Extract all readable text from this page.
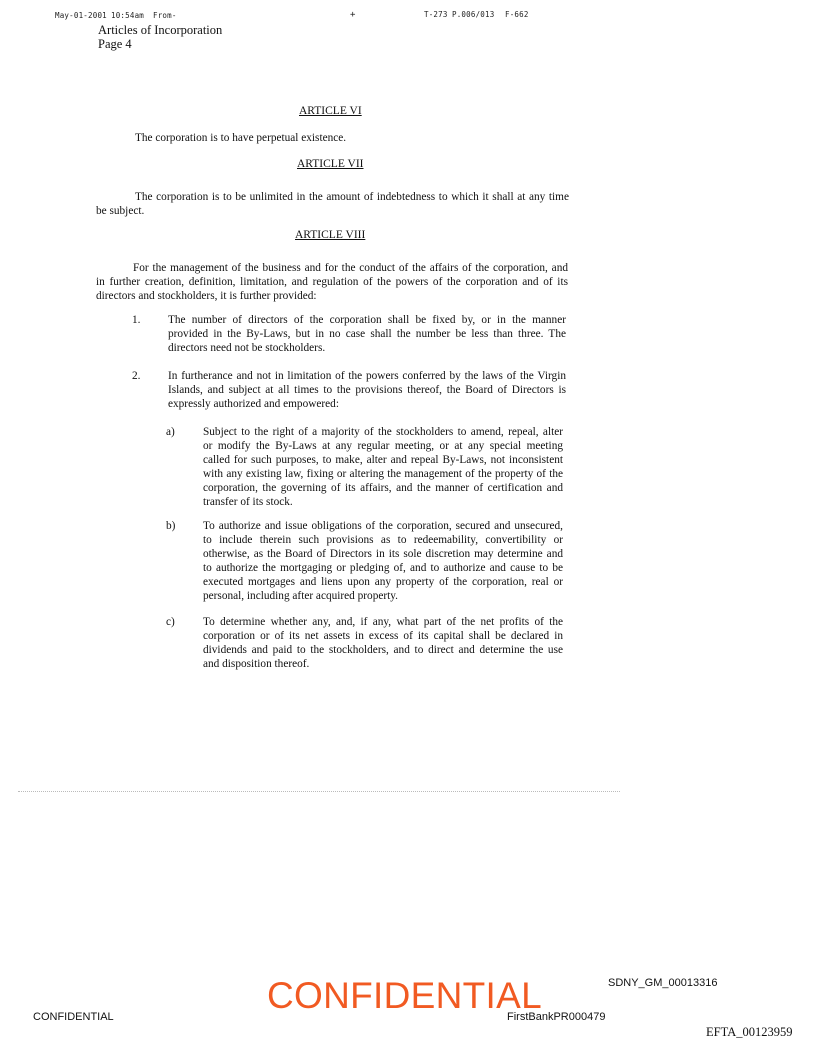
May-01-2001 10:54am From-	+	T-273 P.006/013 F-662
Articles of Incorporation
Page 4
ARTICLE VI
The corporation is to have perpetual existence.
ARTICLE VII
ARTICLE VIII
SDNY_GM_00013316
CONFIDENTIAL
CONFIDENTIAL	FirstBankPR000479
EFTA_00123959
The corporation is to be unlimited in the amount of indebtedness to which it shall at any time
be subject.
For the management of the business and for the conduct of the affairs of the corporation, and
in further creation, definition, limitation, and regulation of the powers of the corporation and of its
directors and stockholders, it is further provided:
1. The number of directors of the corporation shall be fixed by, or in the manner
provided in the By-Laws, but in no case shall the number be less than three. The
directors need not be stockholders.
2. In furtherance and not in limitation of the powers conferred by the laws of the Virgin
Islands, and subject at all times to the provisions thereof, the Board of Directors is
expressly authorized and empowered:
a) Subject to the right of a majority of the stockholders to amend, repeal, alter
or modify the By-Laws at any regular meeting, or at any special meeting
called for such purposes, to make, alter and repeal By-Laws, not inconsistent
with any existing law, fixing or altering the management of the property of the
corporation, the governing of its affairs, and the manner of certification and
transfer of its stock.
b) To authorize and issue obligations of the corporation, secured and unsecured,
to include therein such provisions as to redeemability, convertibility or
otherwise, as the Board of Directors in its sole discretion may determine and
to authorize the mortgaging or pledging of, and to authorize and cause to be
executed mortgages and liens upon any property of the corporation, real or
personal, including after acquired property.
c) To determine whether any, and, if any, what part of the net profits of the
corporation or of its net assets in excess of its capital shall be declared in
dividends and paid to the stockholders, and to direct and determine the use
and disposition thereof.
